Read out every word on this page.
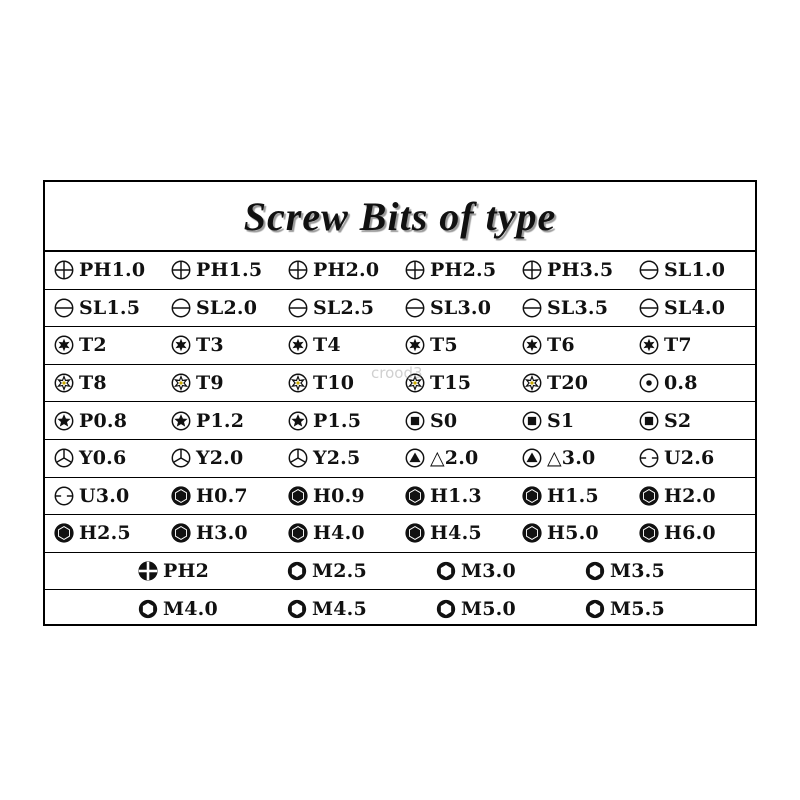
Screw Bits of type
PH1.0	PH1.5	PH2.0	PH2.5	PH3.5	SL1.0
SL1.5	SL2.0	SL2.5	SL3.0	SL3.5	SL4.0
T2	T3	T4	T5	T6	T7
T8	T9	T10	T15	T20	0.8
P0.8	P1.2	P1.5	S0	S1	S2
Y0.6	Y2.0	Y2.5	△2.0	△3.0	U2.6
U3.0	H0.7	H0.9	H1.3	H1.5	H2.0
H2.5	H3.0	H4.0	H4.5	H5.0	H6.0
PH2	M2.5	M3.0	M3.5
M4.0	M4.5	M5.0	M5.5
crood3
